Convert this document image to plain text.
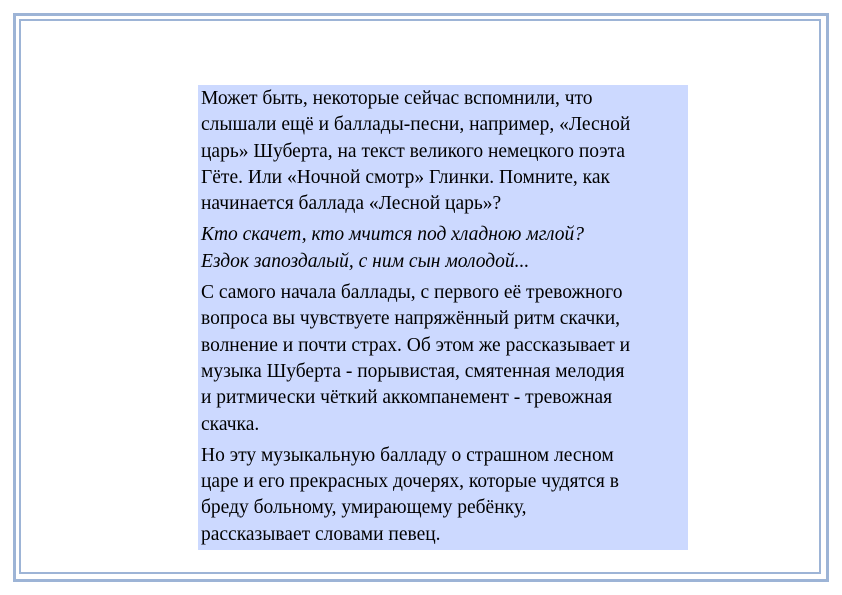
Может быть, некоторые сейчас вспомнили, что
слышали ещё и баллады-песни, например, «Лесной
царь» Шуберта, на текст великого немецкого поэта
Гёте. Или «Ночной смотр» Глинки. Помните, как
начинается баллада «Лесной царь»?

Кто скачет, кто мчится под хладною мглой?
Ездок запоздалый, с ним сын молодой...

С самого начала баллады, с первого её тревожного
вопроса вы чувствуете напряжённый ритм скачки,
волнение и почти страх. Об этом же рассказывает и
музыка Шуберта - порывистая, смятенная мелодия
и ритмически чёткий аккомпанемент - тревожная
скачка.

Но эту музыкальную балладу о страшном лесном
царе и его прекрасных дочерях, которые чудятся в
бреду больному, умирающему ребёнку,
рассказывает словами певец.
